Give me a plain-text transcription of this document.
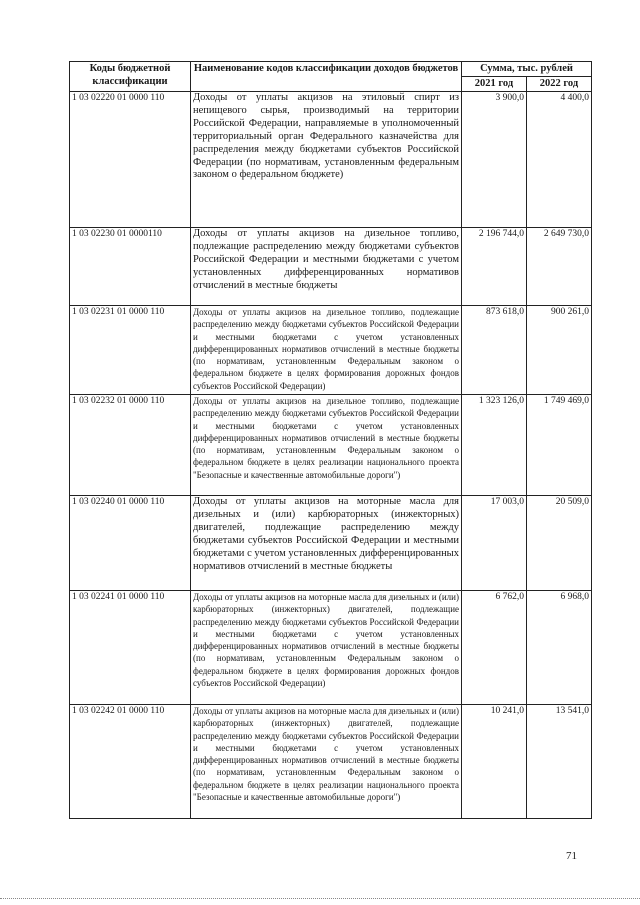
Коды бюджетной классификации	Наименование кодов классификации доходов бюджетов	Сумма, тыс. рублей	
		2021 год	2022 год
1 03 02220 01 0000 110	Доходы от уплаты акцизов на этиловый спирт из непищевого сырья, производимый на территории Российской Федерации, направляемые в уполномоченный территориальный орган Федерального казначейства для распределения между бюджетами субъектов Российской Федерации (по нормативам, установленным федеральным законом о федеральном бюджете)	3 900,0	4 400,0
1 03 02230 01 0000110	Доходы от уплаты акцизов на дизельное топливо, подлежащие распределению между бюджетами субъектов Российской Федерации и местными бюджетами с учетом установленных дифференцированных нормативов отчислений в местные бюджеты	2 196 744,0	2 649 730,0
1 03 02231 01 0000 110	Доходы от уплаты акцизов на дизельное топливо, подлежащие распределению между бюджетами субъектов Российской Федерации и местными бюджетами с учетом установленных дифференцированных нормативов отчислений в местные бюджеты (по нормативам, установленным Федеральным законом о федеральном бюджете в целях формирования дорожных фондов субъектов Российской Федерации)	873 618,0	900 261,0
1 03 02232 01 0000 110	Доходы от уплаты акцизов на дизельное топливо, подлежащие распределению между бюджетами субъектов Российской Федерации и местными бюджетами с учетом установленных дифференцированных нормативов отчислений в местные бюджеты (по нормативам, установленным Федеральным законом о федеральном бюджете в целях реализации национального проекта "Безопасные и качественные автомобильные дороги")	1 323 126,0	1 749 469,0
1 03 02240 01 0000 110	Доходы от уплаты акцизов на моторные масла для дизельных и (или) карбюраторных (инжекторных) двигателей, подлежащие распределению между бюджетами субъектов Российской Федерации и местными бюджетами с учетом установленных дифференцированных нормативов отчислений в местные бюджеты	17 003,0	20 509,0
1 03 02241 01 0000 110	Доходы от уплаты акцизов на моторные масла для дизельных и (или) карбюраторных (инжекторных) двигателей, подлежащие распределению между бюджетами субъектов Российской Федерации и местными бюджетами с учетом установленных дифференцированных нормативов отчислений в местные бюджеты (по нормативам, установленным Федеральным законом о федеральном бюджете в целях формирования дорожных фондов субъектов Российской Федерации)	6 762,0	6 968,0
1 03 02242 01 0000 110	Доходы от уплаты акцизов на моторные масла для дизельных и (или) карбюраторных (инжекторных) двигателей, подлежащие распределению между бюджетами субъектов Российской Федерации и местными бюджетами с учетом установленных дифференцированных нормативов отчислений в местные бюджеты (по нормативам, установленным Федеральным законом о федеральном бюджете в целях реализации национального проекта "Безопасные и качественные автомобильные дороги")	10 241,0	13 541,0
71
